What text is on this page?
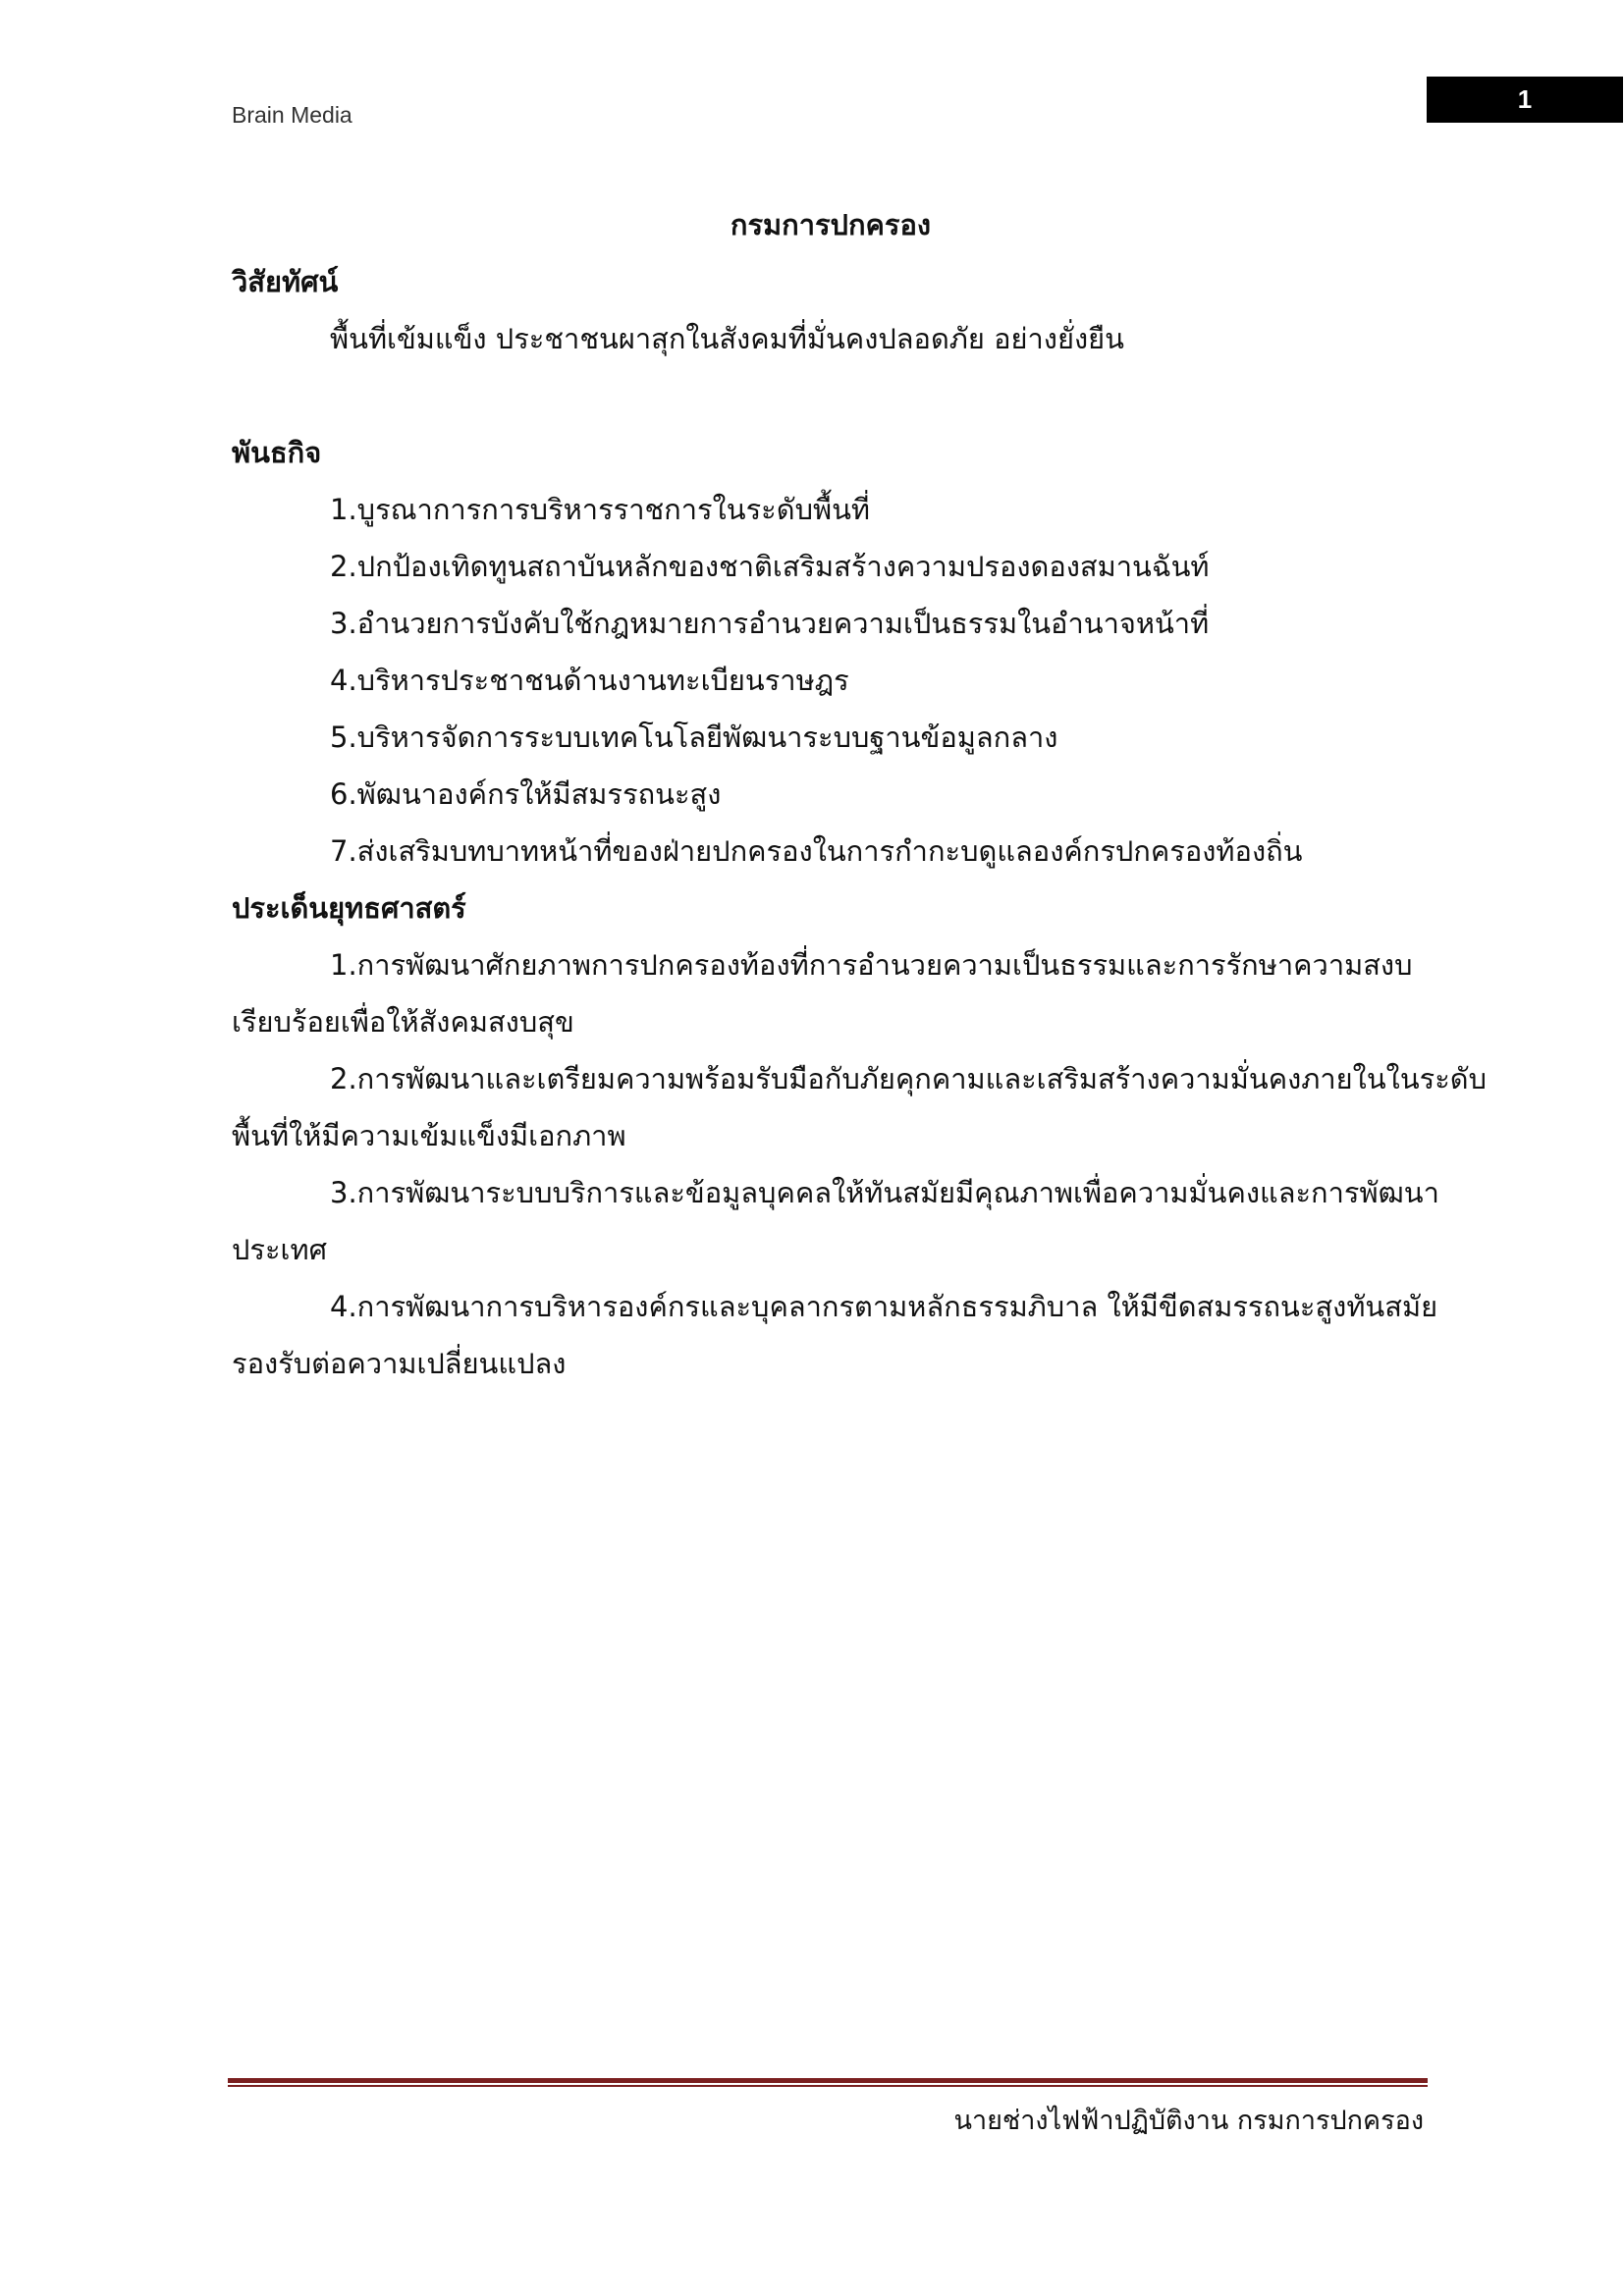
Brain Media
1
กรมการปกครอง
วิสัยทัศน์
พื้นที่เข้มแข็ง ประชาชนผาสุกในสังคมที่มั่นคงปลอดภัย อย่างยั่งยืน
พันธกิจ
1.บูรณาการการบริหารราชการในระดับพื้นที่
2.ปกป้องเทิดทูนสถาบันหลักของชาติเสริมสร้างความปรองดองสมานฉันท์
3.อำนวยการบังคับใช้กฎหมายการอำนวยความเป็นธรรมในอำนาจหน้าที่
4.บริหารประชาชนด้านงานทะเบียนราษฎร
5.บริหารจัดการระบบเทคโนโลยีพัฒนาระบบฐานข้อมูลกลาง
6.พัฒนาองค์กรให้มีสมรรถนะสูง
7.ส่งเสริมบทบาทหน้าที่ของฝ่ายปกครองในการกำกะบดูแลองค์กรปกครองท้องถิ่น
ประเด็นยุทธศาสตร์
1.การพัฒนาศักยภาพการปกครองท้องที่การอำนวยความเป็นธรรมและการรักษาความสงบ
เรียบร้อยเพื่อให้สังคมสงบสุข
2.การพัฒนาและเตรียมความพร้อมรับมือกับภัยคุกคามและเสริมสร้างความมั่นคงภายในในระดับ
พื้นที่ให้มีความเข้มแข็งมีเอกภาพ
3.การพัฒนาระบบบริการและข้อมูลบุคคลให้ทันสมัยมีคุณภาพเพื่อความมั่นคงและการพัฒนา
ประเทศ
4.การพัฒนาการบริหารองค์กรและบุคลากรตามหลักธรรมภิบาล ให้มีขีดสมรรถนะสูงทันสมัย
รองรับต่อความเปลี่ยนแปลง
นายช่างไฟฟ้าปฏิบัติงาน กรมการปกครอง
